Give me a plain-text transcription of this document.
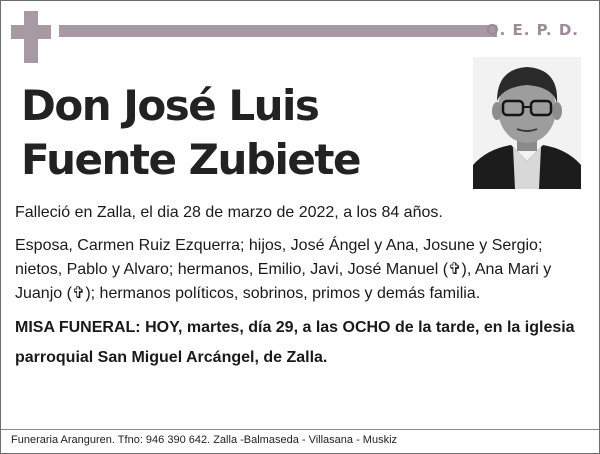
Q. E. P. D.
Don José Luis
Fuente Zubiete

Falleció en Zalla, el dia 28 de marzo de 2022, a los 84 años.

Esposa, Carmen Ruiz Ezquerra; hijos, José Ángel y Ana, Josune y Sergio; nietos, Pablo y Alvaro; hermanos, Emilio, Javi, José Manuel (✞), Ana Mari y Juanjo (✞); hermanos políticos, sobrinos, primos y demás familia.

MISA FUNERAL: HOY, martes, día 29, a las OCHO de la tarde, en la iglesia parroquial San Miguel Arcángel, de Zalla.

Funeraria Aranguren. Tfno: 946 390 642. Zalla -Balmaseda - Villasana - Muskiz
